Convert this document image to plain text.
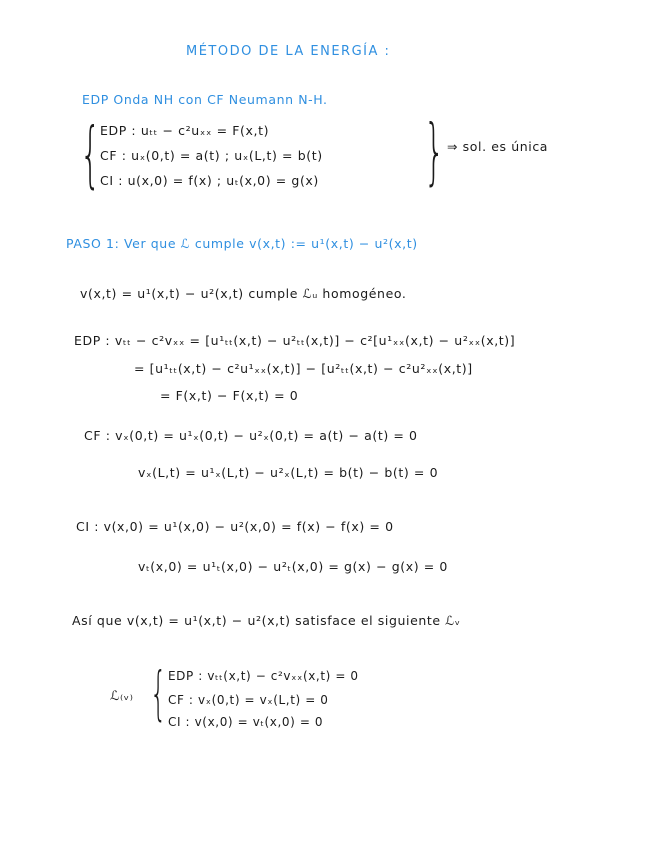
MÉTODO DE LA ENERGÍA :
EDP Onda NH con CF Neumann N-H.
{ EDP : uₜₜ − c²uₓₓ = F(x,t)
CF : uₓ(0,t) = a(t) ; uₓ(L,t) = b(t)
CI : u(x,0) = f(x) ; uₜ(x,0) = g(x) } ⇒ sol. es única
PASO 1: Ver que ℒ cumple v(x,t) := u¹(x,t) − u²(x,t)
v(x,t) = u¹(x,t) − u²(x,t) cumple ℒᵤ homogéneo.
EDP : vₜₜ − c²vₓₓ = [u¹ₜₜ(x,t) − u²ₜₜ(x,t)] − c²[u¹ₓₓ(x,t) − u²ₓₓ(x,t)]
= [u¹ₜₜ(x,t) − c²u¹ₓₓ(x,t)] − [u²ₜₜ(x,t) − c²u²ₓₓ(x,t)]
= F(x,t) − F(x,t) = 0
CF : vₓ(0,t) = u¹ₓ(0,t) − u²ₓ(0,t) = a(t) − a(t) = 0
vₓ(L,t) = u¹ₓ(L,t) − u²ₓ(L,t) = b(t) − b(t) = 0
CI : v(x,0) = u¹(x,0) − u²(x,0) = f(x) − f(x) = 0
vₜ(x,0) = u¹ₜ(x,0) − u²ₜ(x,0) = g(x) − g(x) = 0
Así que v(x,t) = u¹(x,t) − u²(x,t) satisface el siguiente ℒᵥ
ℒ₍ᵥ₎ { EDP : vₜₜ(x,t) − c²vₓₓ(x,t) = 0
CF : vₓ(0,t) = vₓ(L,t) = 0
CI : v(x,0) = vₜ(x,0) = 0
